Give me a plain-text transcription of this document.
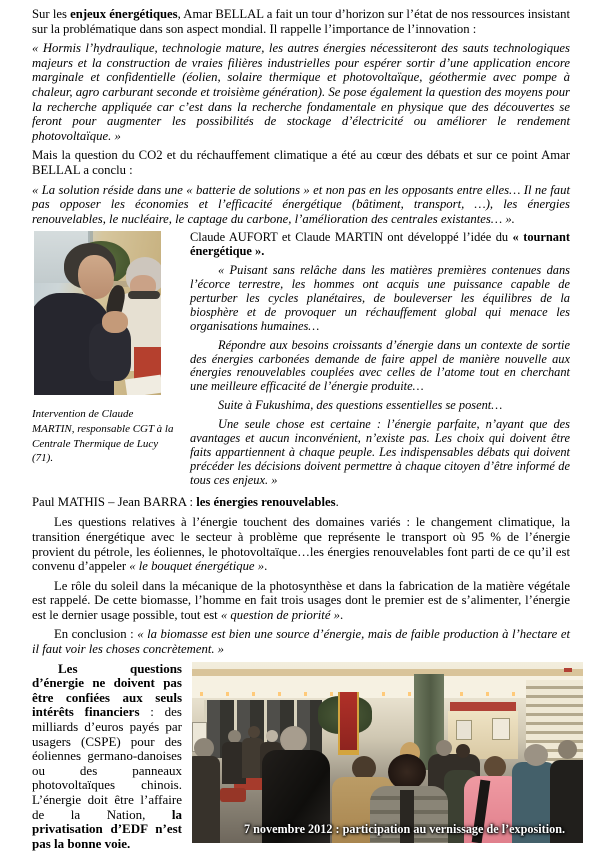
Sur les enjeux énergétiques, Amar BELLAL a fait un tour d’horizon sur l’état de nos ressources insistant sur la problématique dans son aspect mondial. Il rappelle l’importance de l’innovation :

« Hormis l’hydraulique, technologie mature, les autres énergies nécessiteront des sauts technologiques majeurs et la construction de vraies filières industrielles pour espérer sortir d’une application encore marginale et confidentielle (éolien, solaire thermique et photovoltaïque, géothermie avec pompe à chaleur, agro carburant seconde et troisième génération). Se pose également la question des moyens pour la recherche appliquée car c’est dans la recherche fondamentale en physique que des découvertes se feront pour augmenter les possibilités de stockage d’électricité ou améliorer le rendement photovoltaïque. »

Mais la question du CO2 et du réchauffement climatique a été au cœur des débats et sur ce point Amar BELLAL a conclu :

« La solution réside dans une « batterie de solutions » et non pas en les opposants entre elles… Il ne faut pas opposer les économies et l’efficacité énergétique (bâtiment, transport, …), les énergies renouvelables, le nucléaire, le captage du carbone, l’amélioration des centrales existantes… ».

Intervention de Claude MARTIN, responsable CGT à la Centrale Thermique de Lucy (71).

Claude AUFORT et Claude MARTIN ont développé l’idée du « tournant énergétique ».

« Puisant sans relâche dans les matières premières contenues dans l’écorce terrestre, les hommes ont acquis une puissance capable de perturber les cycles planétaires, de bouleverser les équilibres de la biosphère et de provoquer un réchauffement global qui menace les organisations humaines…

Répondre aux besoins croissants d’énergie dans un contexte de sortie des énergies carbonées demande de faire appel de manière nouvelle aux énergies renouvelables couplées avec celles de l’atome tout en cherchant une meilleure efficacité de l’énergie produite…

Suite à Fukushima, des questions essentielles se posent…

Une seule chose est certaine : l’énergie parfaite, n’ayant que des avantages et aucun inconvénient, n’existe pas. Les choix qui doivent être faits appartiennent à chaque peuple. Les indispensables débats qui doivent précéder les décisions doivent permettre à chaque citoyen d’être informé de tous ces enjeux. »

Paul MATHIS – Jean BARRA : les énergies renouvelables.

Les questions relatives à l’énergie touchent des domaines variés : le changement climatique, la transition énergétique avec le secteur à problème que représente le transport où 95 % de l’énergie provient du pétrole, les éoliennes, le photovoltaïque…les énergies renouvelables font parti de ce qu’il est convenu d’appeler « le bouquet énergétique ».

Le rôle du soleil dans la mécanique de la photosynthèse et dans la fabrication de la matière végétale est rappelé. De cette biomasse, l’homme en fait trois usages dont le premier est de s’alimenter, l’énergie est le dernier usage possible, tout est « question de priorité ».

En conclusion : « la biomasse est bien une source d’énergie, mais de faible production à l’hectare et il faut voir les choses concrètement. »

Les questions d’énergie ne doivent pas être confiées aux seuls intérêts financiers : des milliards d’euros payés par usagers (CSPE) pour des éoliennes germano-danoises ou des panneaux photovoltaïques chinois. L’énergie doit être l’affaire de la Nation, la privatisation d’EDF n’est pas la bonne voie.
7 novembre 2012 : participation au vernissage de l’exposition.
